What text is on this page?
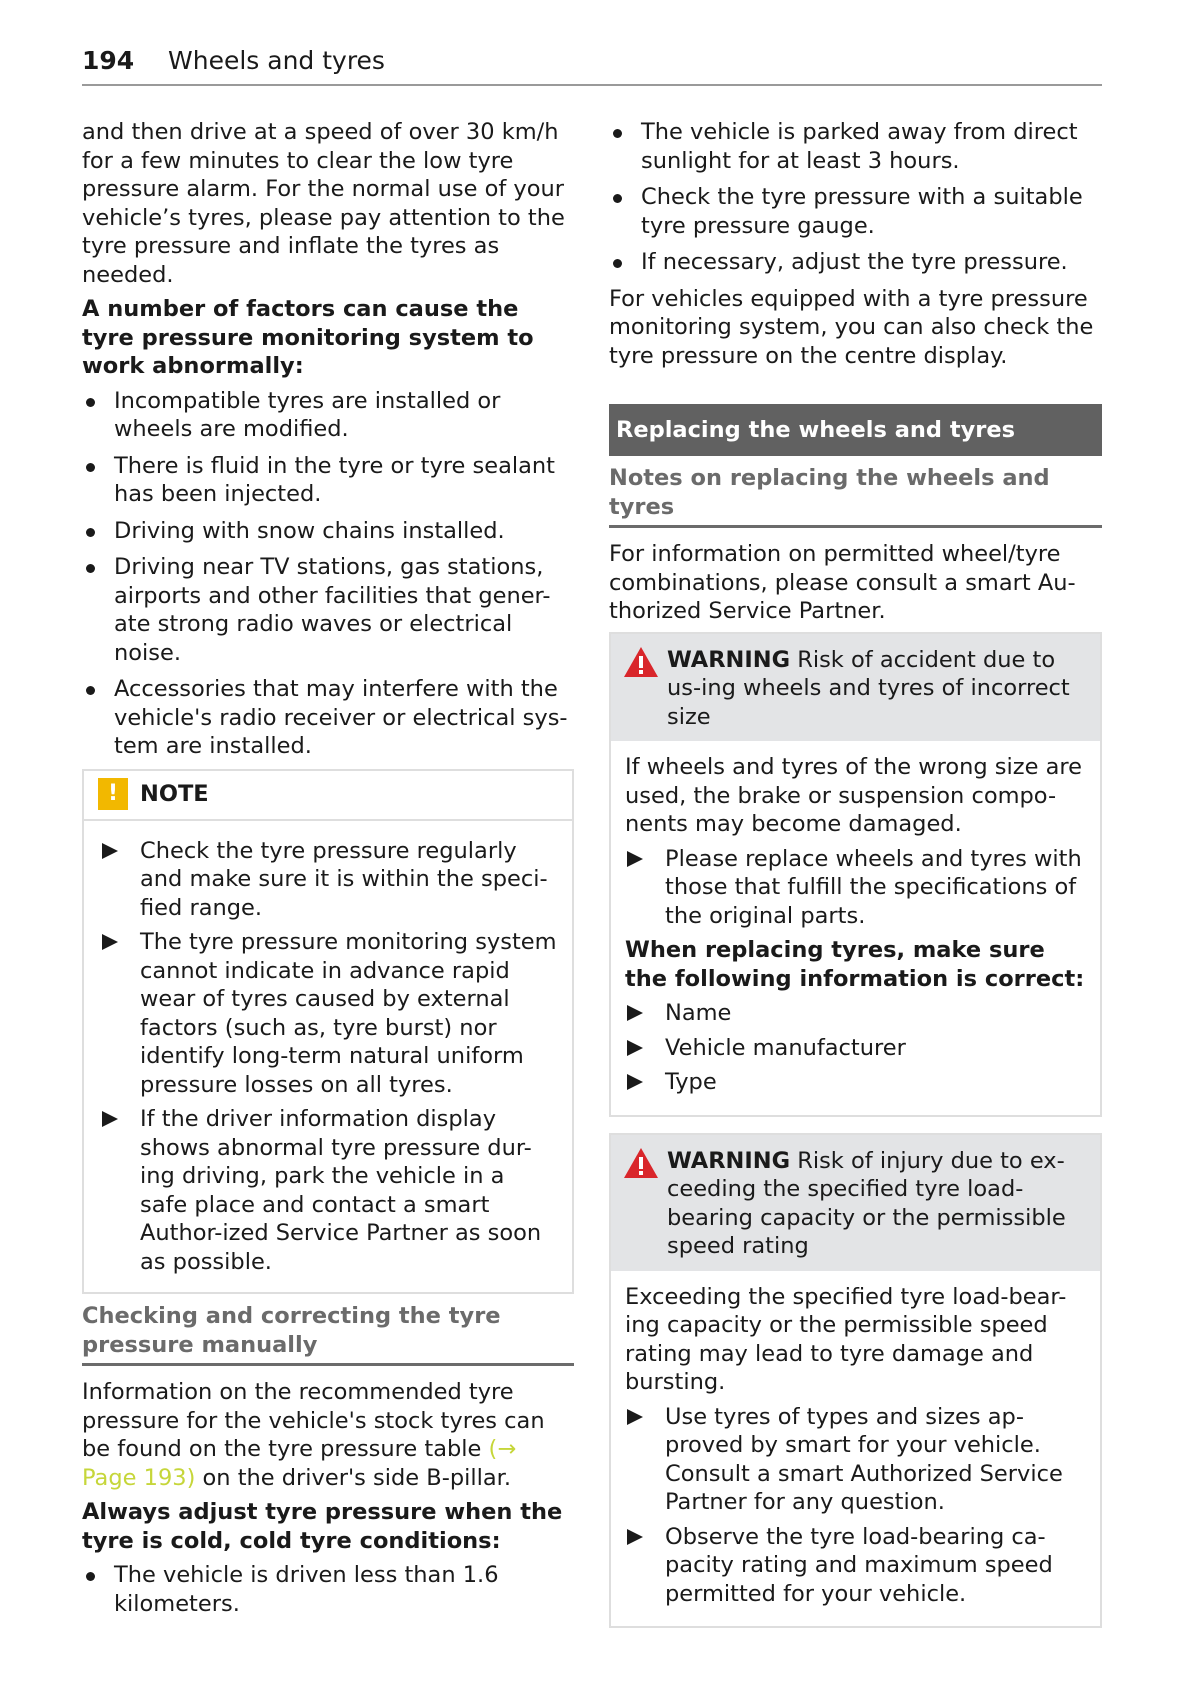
194 Wheels and tyres

and then drive at a speed of over 30 km/h for a few minutes to clear the low tyre pressure alarm. For the normal use of your vehicle’s tyres, please pay attention to the tyre pressure and inflate the tyres as needed.

A number of factors can cause the tyre pressure monitoring system to work abnormally:

Incompatible tyres are installed or wheels are modified.
There is fluid in the tyre or tyre sealant has been injected.
Driving with snow chains installed.
Driving near TV stations, gas stations, airports and other facilities that gener-ate strong radio waves or electrical noise.
Accessories that may interfere with the vehicle's radio receiver or electrical sys-tem are installed.
! NOTE
Check the tyre pressure regularly and make sure it is within the speci-fied range.
The tyre pressure monitoring system cannot indicate in advance rapid wear of tyres caused by external factors (such as, tyre burst) nor identify long-term natural uniform pressure losses on all tyres.
If the driver information display shows abnormal tyre pressure dur-ing driving, park the vehicle in a safe place and contact a smart Author-ized Service Partner as soon as possible.
Checking and correcting the tyre pressure manually

Information on the recommended tyre pressure for the vehicle's stock tyres can be found on the tyre pressure table (→ Page 193) on the driver's side B-pillar.

Always adjust tyre pressure when the tyre is cold, cold tyre conditions:

The vehicle is driven less than 1.6 kilometers.
The vehicle is parked away from direct sunlight for at least 3 hours.
Check the tyre pressure with a suitable tyre pressure gauge.
If necessary, adjust the tyre pressure.

For vehicles equipped with a tyre pressure monitoring system, you can also check the tyre pressure on the centre display.

Replacing the wheels and tyres
Notes on replacing the wheels and tyres

For information on permitted wheel/tyre combinations, please consult a smart Au-thorized Service Partner.

WARNING Risk of accident due to us-ing wheels and tyres of incorrect size

If wheels and tyres of the wrong size are used, the brake or suspension compo-nents may become damaged.

Please replace wheels and tyres with those that fulfill the specifications of the original parts.

When replacing tyres, make sure the following information is correct:

Name
Vehicle manufacturer
Type
WARNING Risk of injury due to ex-ceeding the specified tyre load-bearing capacity or the permissible speed rating

Exceeding the specified tyre load-bear-ing capacity or the permissible speed rating may lead to tyre damage and bursting.

Use tyres of types and sizes ap-proved by smart for your vehicle. Consult a smart Authorized Service Partner for any question.
Observe the tyre load-bearing ca-pacity rating and maximum speed permitted for your vehicle.
